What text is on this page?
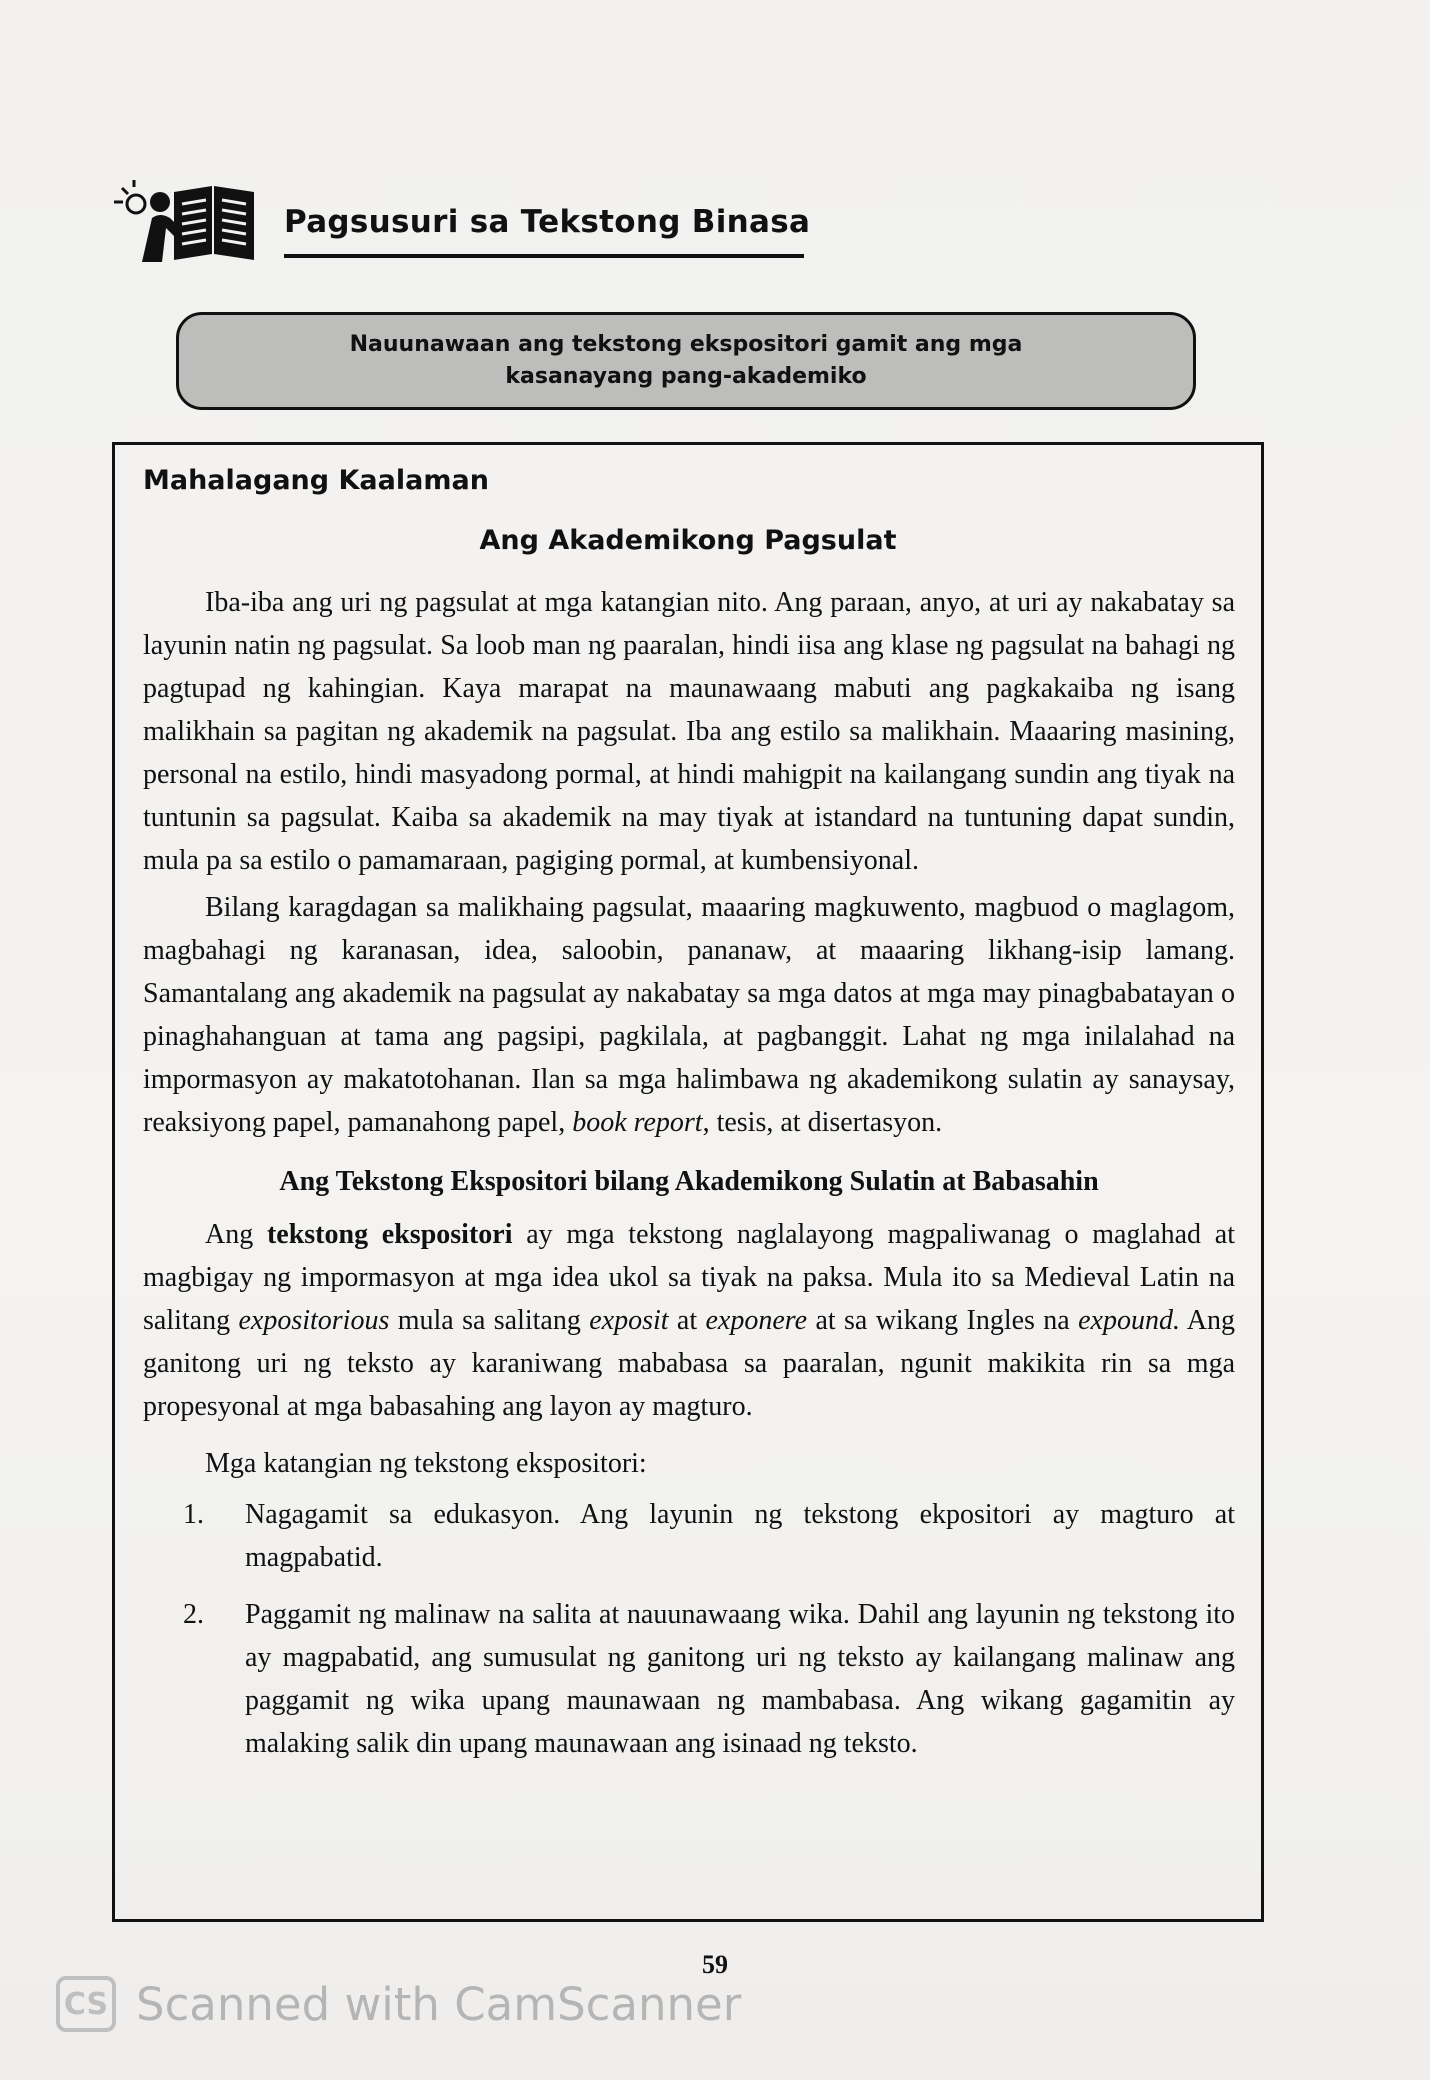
Pagsusuri sa Tekstong Binasa
Nauunawaan ang tekstong ekspositori gamit ang mga kasanayang pang-akademiko
Mahalagang Kaalaman
Ang Akademikong Pagsulat

Iba-iba ang uri ng pagsulat at mga katangian nito. Ang paraan, anyo, at uri ay nakabatay sa layunin natin ng pagsulat. Sa loob man ng paaralan, hindi iisa ang klase ng pagsulat na bahagi ng pagtupad ng kahingian. Kaya marapat na maunawaang mabuti ang pagkakaiba ng isang malikhain sa pagitan ng akademik na pagsulat. Iba ang estilo sa malikhain. Maaaring masining, personal na estilo, hindi masyadong pormal, at hindi mahigpit na kailangang sundin ang tiyak na tuntunin sa pagsulat. Kaiba sa akademik na may tiyak at istandard na tuntuning dapat sundin, mula pa sa estilo o pamamaraan, pagiging pormal, at kumbensiyonal.

Bilang karagdagan sa malikhaing pagsulat, maaaring magkuwento, magbuod o maglagom, magbahagi ng karanasan, idea, saloobin, pananaw, at maaaring likhang-isip lamang. Samantalang ang akademik na pagsulat ay nakabatay sa mga datos at mga may pinagbabatayan o pinaghahanguan at tama ang pagsipi, pagkilala, at pagbanggit. Lahat ng mga inilalahad na impormasyon ay makatotohanan. Ilan sa mga halimbawa ng akademikong sulatin ay sanaysay, reaksiyong papel, pamanahong papel, book report, tesis, at disertasyon.

Ang Tekstong Ekspositori bilang Akademikong Sulatin at Babasahin

Ang tekstong ekspositori ay mga tekstong naglalayong magpaliwanag o maglahad at magbigay ng impormasyon at mga idea ukol sa tiyak na paksa. Mula ito sa Medieval Latin na salitang expositorious mula sa salitang exposit at exponere at sa wikang Ingles na expound. Ang ganitong uri ng teksto ay karaniwang mababasa sa paaralan, ngunit makikita rin sa mga propesyonal at mga babasahing ang layon ay magturo.

Mga katangian ng tekstong ekspositori:
1.	Nagagamit sa edukasyon. Ang layunin ng tekstong ekpositori ay magturo at magpabatid.
2.	Paggamit ng malinaw na salita at nauunawaang wika. Dahil ang layunin ng tekstong ito ay magpabatid, ang sumusulat ng ganitong uri ng teksto ay kailangang malinaw ang paggamit ng wika upang maunawaan ng mambabasa. Ang wikang gagamitin ay malaking salik din upang maunawaan ang isinaad ng teksto.
59
CS Scanned with CamScanner
